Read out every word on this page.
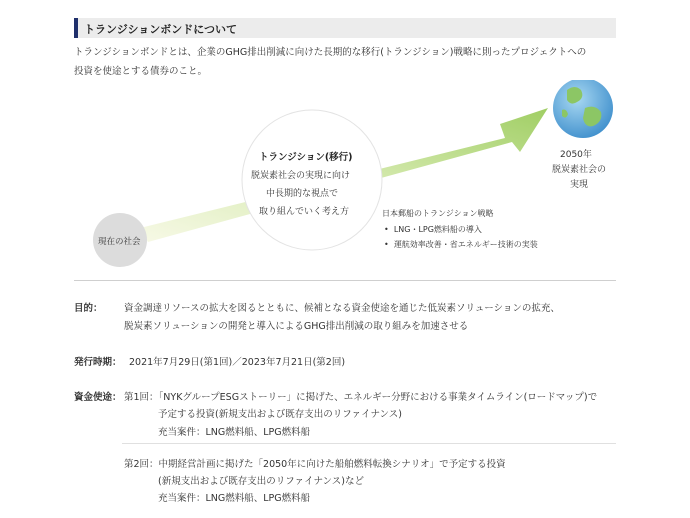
トランジションボンドについて
トランジションボンドとは、企業のGHG排出削減に向けた長期的な移行(トランジション)戦略に則ったプロジェクトへの
投資を使途とする債券のこと。
現在の社会
トランジション(移行)
脱炭素社会の実現に向け
中長期的な視点で
取り組んでいく考え方
2050年
脱炭素社会の
実現
日本郵船のトランジション戦略
•  LNG・LPG燃料船の導入
•  運航効率改善・省エネルギー技術の実装
目的： 資金調達リソースの拡大を図るとともに、候補となる資金使途を通じた低炭素ソリューションの拡充、
脱炭素ソリューションの開発と導入によるGHG排出削減の取り組みを加速させる
発行時期： 2021年7月29日(第1回)／2023年7月21日(第2回)
資金使途： 第1回：「NYKグループESGストーリー」に掲げた、エネルギー分野における事業タイムライン(ロードマップ)で
予定する投資(新規支出および既存支出のリファイナンス)
充当案件：LNG燃料船、LPG燃料船
第2回：中期経営計画に掲げた「2050年に向けた船舶燃料転換シナリオ」で予定する投資
(新規支出および既存支出のリファイナンス)など
充当案件：LNG燃料船、LPG燃料船
